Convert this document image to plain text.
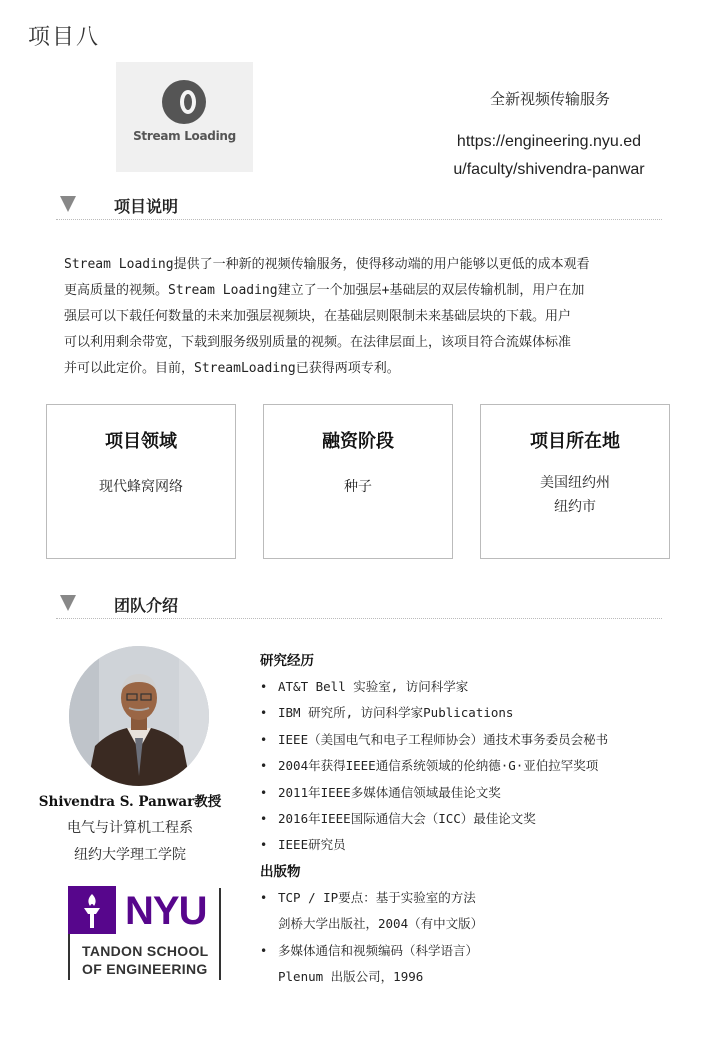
项目八
Stream Loading
全新视频传输服务
https://engineering.nyu.ed
u/faculty/shivendra-panwar
项目说明
Stream Loading提供了一种新的视频传输服务，使得移动端的用户能够以更低的成本观看
更高质量的视频。Stream Loading建立了一个加强层+基础层的双层传输机制，用户在加
强层可以下载任何数量的未来加强层视频块，在基础层则限制未来基础层块的下载。用户
可以利用剩余带宽，下载到服务级别质量的视频。在法律层面上，该项目符合流媒体标准
并可以此定价。目前，StreamLoading已获得两项专利。
项目领域
现代蜂窝网络
融资阶段
种子
项目所在地
美国纽约州
纽约市
团队介绍
Shivendra S. Panwar教授
电气与计算机工程系
纽约大学理工学院
NYU
TANDON SCHOOL
OF ENGINEERING
研究经历
• AT&T Bell 实验室, 访问科学家
• IBM 研究所, 访问科学家Publications
• IEEE（美国电气和电子工程师协会）通技术事务委员会秘书
• 2004年获得IEEE通信系统领域的伦纳德·G·亚伯拉罕奖项
• 2011年IEEE多媒体通信领域最佳论文奖
• 2016年IEEE国际通信大会（ICC）最佳论文奖
• IEEE研究员
出版物
• TCP / IP要点：基于实验室的方法
剑桥大学出版社，2004（有中文版）
• 多媒体通信和视频编码（科学语言）
Plenum 出版公司，1996
